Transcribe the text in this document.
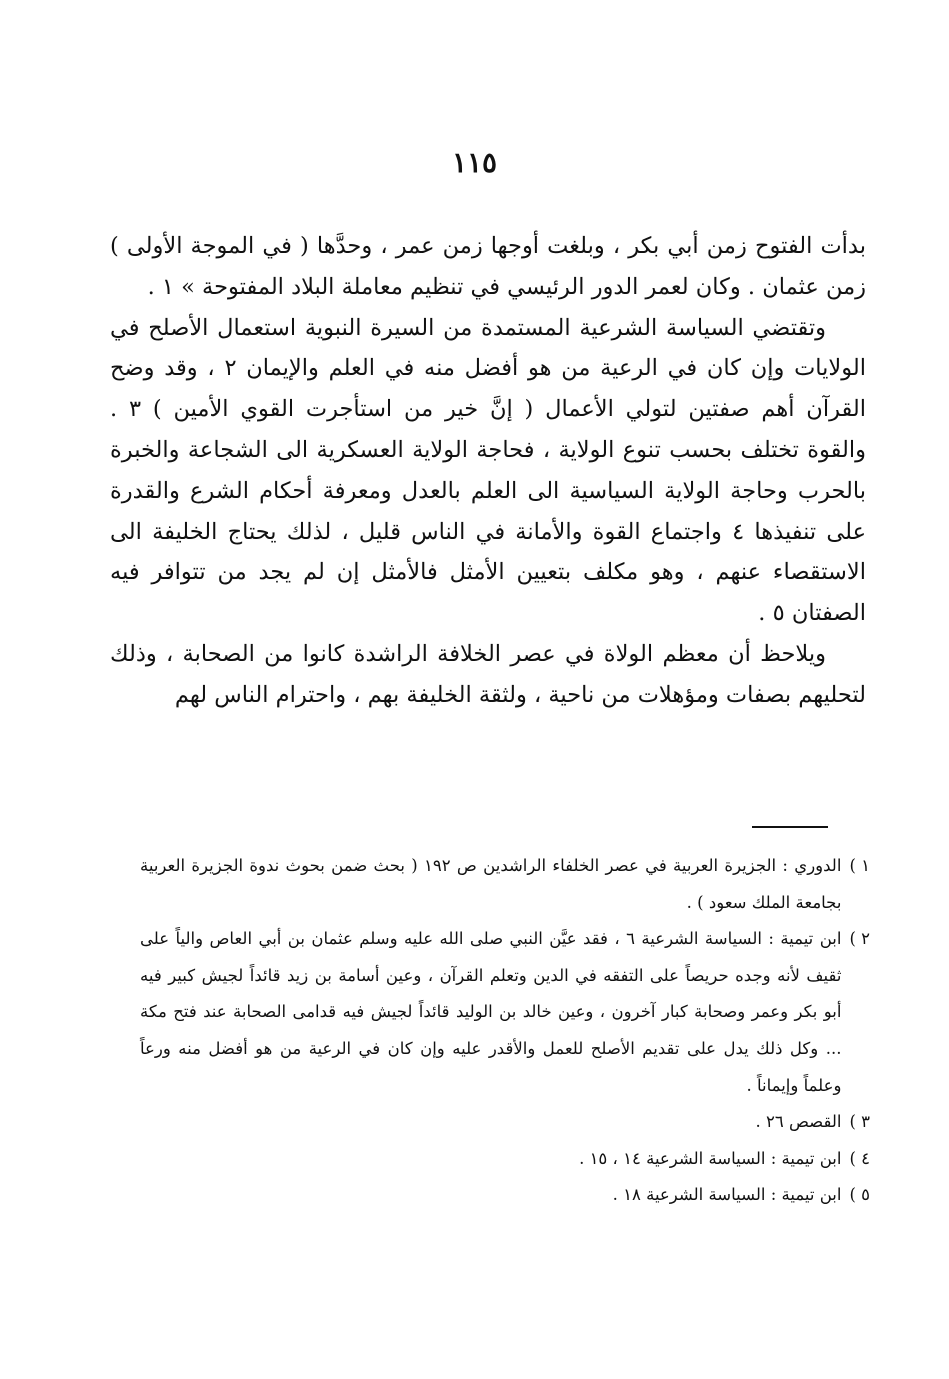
١١٥

بدأت الفتوح زمن أبي بكر ، وبلغت أوجها زمن عمر ، وحدَّها ( في الموجة الأولى ) زمن عثمان . وكان لعمر الدور الرئيسي في تنظيم معاملة البلاد المفتوحة » ١ .

وتقتضي السياسة الشرعية المستمدة من السيرة النبوية استعمال الأصلح في الولايات وإن كان في الرعية من هو أفضل منه في العلم والإيمان ٢ ، وقد وضح القرآن أهم صفتين لتولي الأعمال ( إنَّ خير من استأجرت القوي الأمين ) ٣ . والقوة تختلف بحسب تنوع الولاية ، فحاجة الولاية العسكرية الى الشجاعة والخبرة بالحرب وحاجة الولاية السياسية الى العلم بالعدل ومعرفة أحكام الشرع والقدرة على تنفيذها ٤ واجتماع القوة والأمانة في الناس قليل ، لذلك يحتاج الخليفة الى الاستقصاء عنهم ، وهو مكلف بتعيين الأمثل فالأمثل إن لم يجد من تتوافر فيه الصفتان ٥ .

ويلاحظ أن معظم الولاة في عصر الخلافة الراشدة كانوا من الصحابة ، وذلك لتحليهم بصفات ومؤهلات من ناحية ، ولثقة الخليفة بهم ، واحترام الناس لهم

١ )
الدوري : الجزيرة العربية في عصر الخلفاء الراشدين ص ١٩٢ ( بحث ضمن بحوث ندوة الجزيرة العربية بجامعة الملك سعود ) .
٢ )
ابن تيمية : السياسة الشرعية ٦ ، فقد عيَّن النبي صلى الله عليه وسلم عثمان بن أبي العاص والياً على ثقيف لأنه وجده حريصاً على التفقه في الدين وتعلم القرآن ، وعين أسامة بن زيد قائداً لجيش كبير فيه أبو بكر وعمر وصحابة كبار آخرون ، وعين خالد بن الوليد قائداً لجيش فيه قدامى الصحابة عند فتح مكة ... وكل ذلك يدل على تقديم الأصلح للعمل والأقدر عليه وإن كان في الرعية من هو أفضل منه ورعاً وعلماً وإيماناً .
٣ )
القصص ٢٦ .
٤ )
ابن تيمية : السياسة الشرعية ١٤ ، ١٥ .
٥ )
ابن تيمية : السياسة الشرعية ١٨ .
